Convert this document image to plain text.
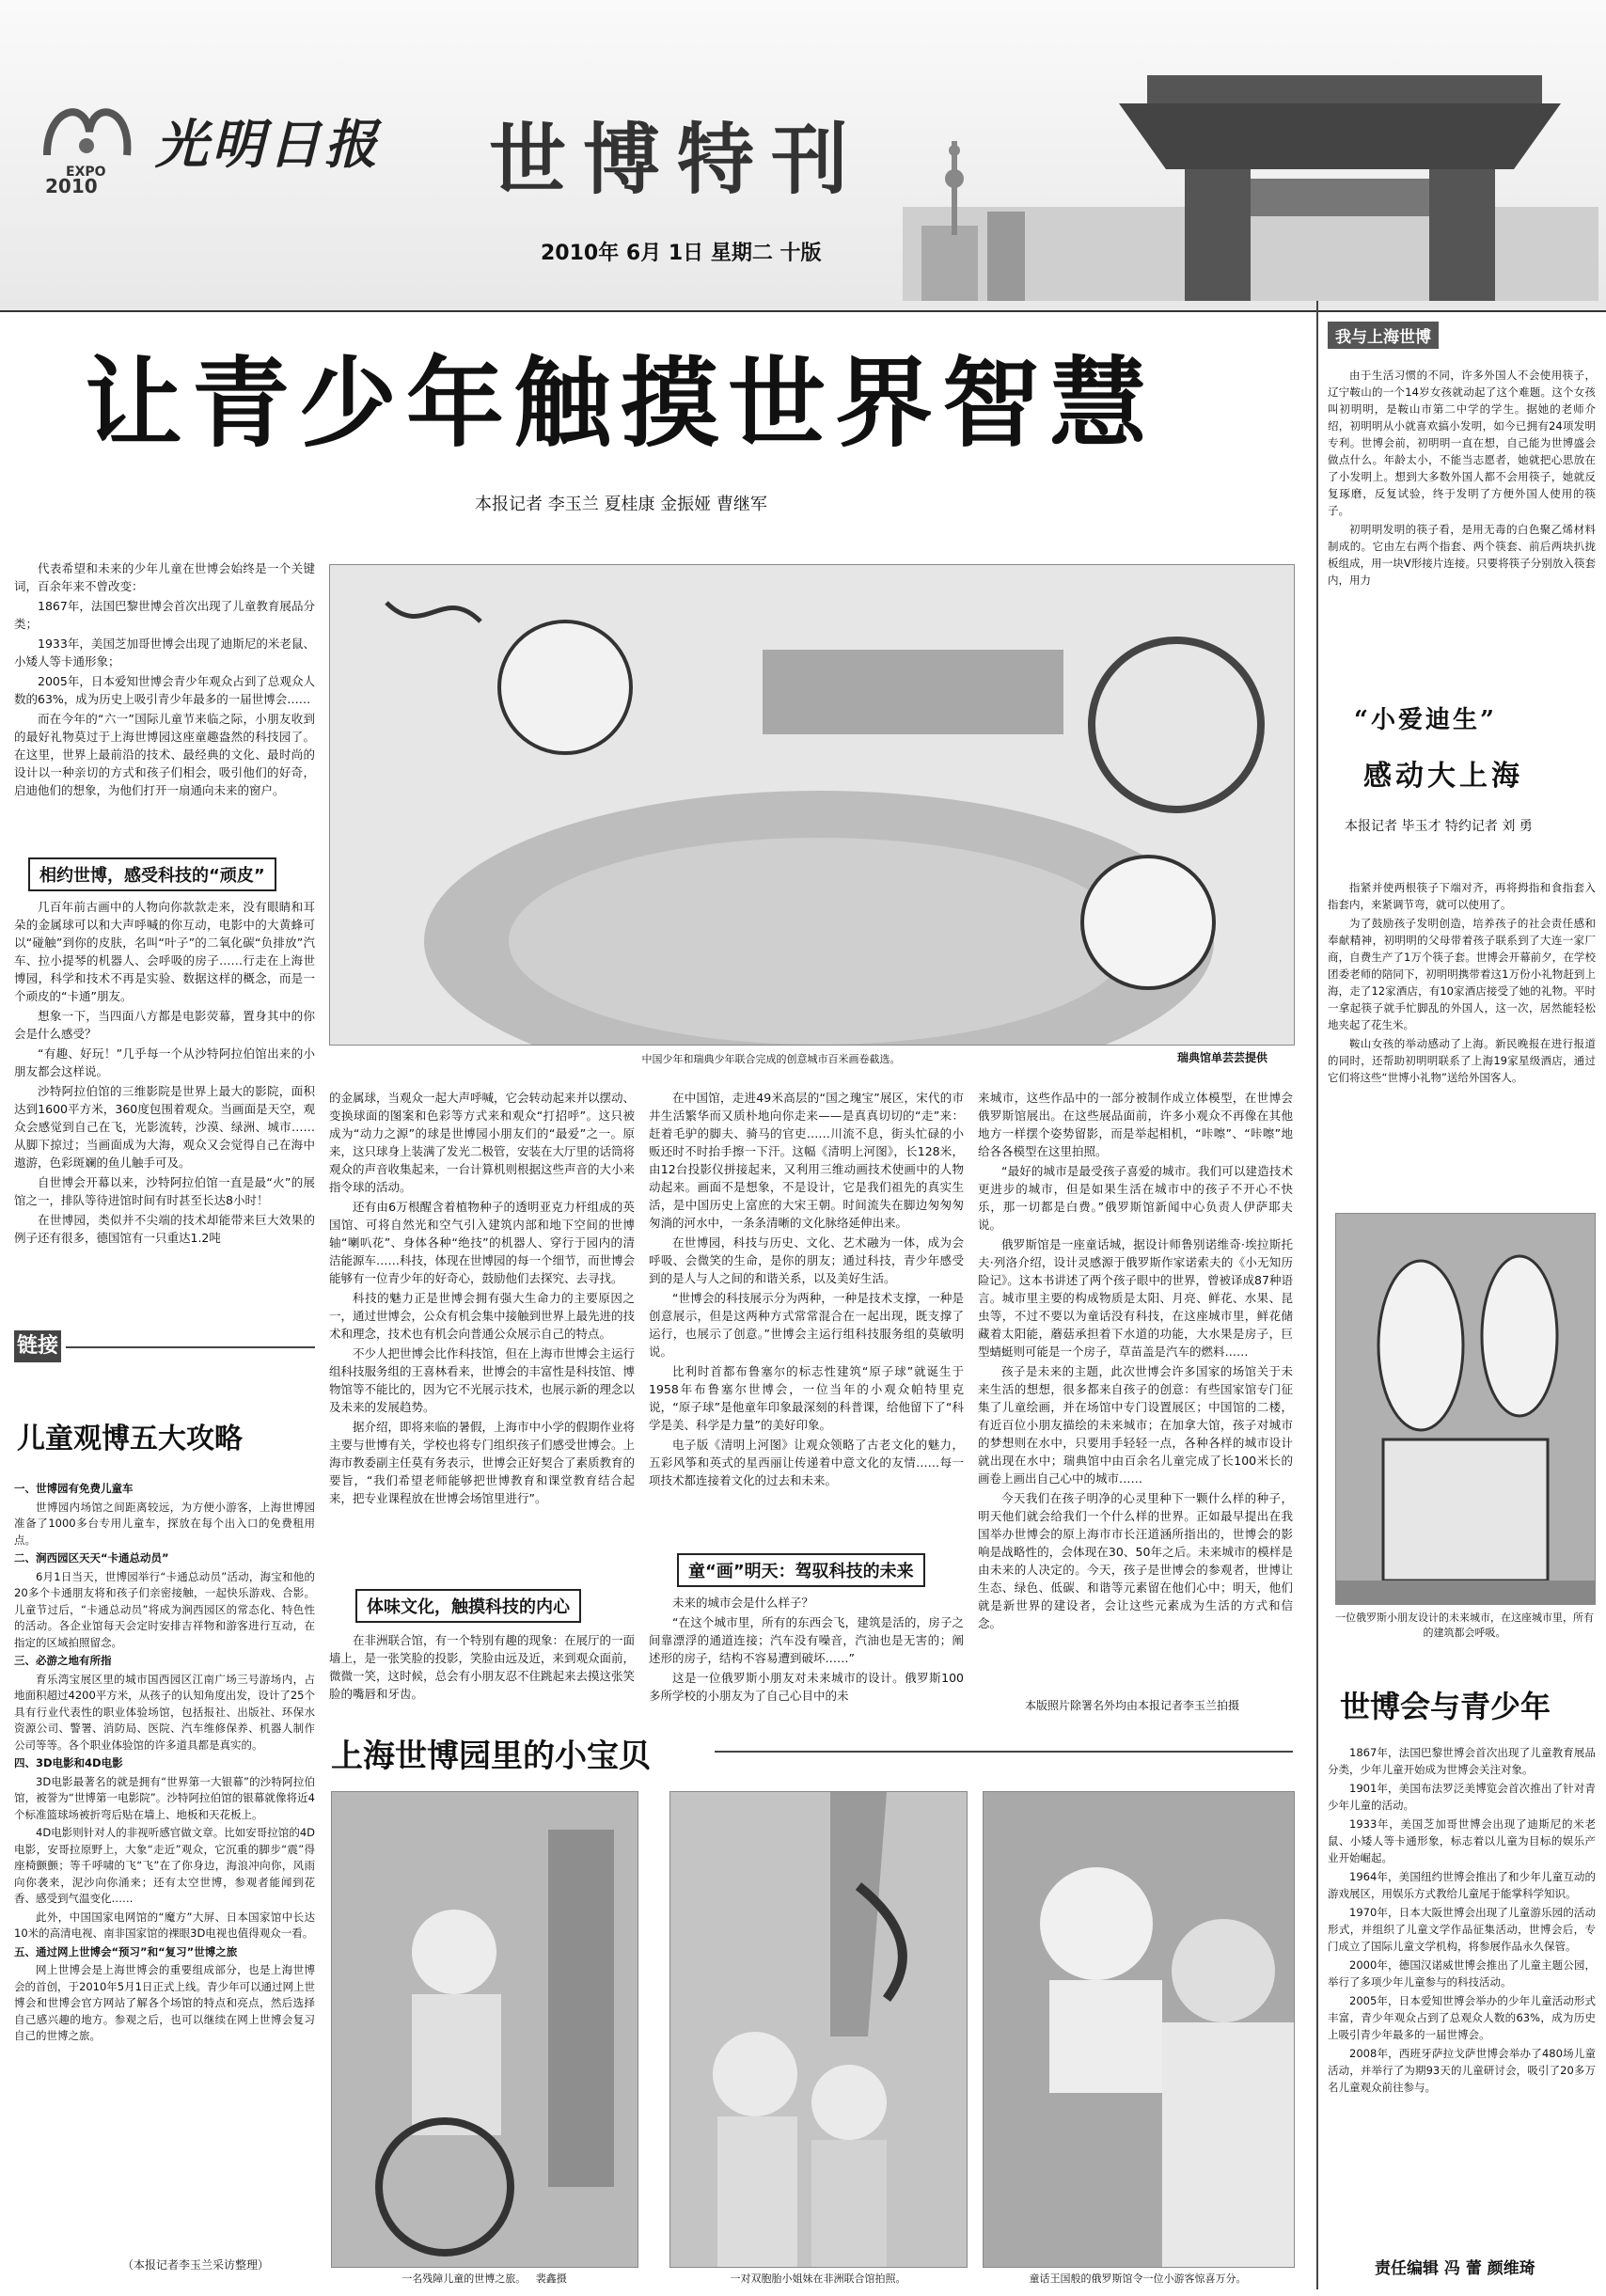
EXPO
2010
光明日报 世博特刊
2010年 6月 1日 星期二 十版
让青少年触摸世界智慧
本报记者 李玉兰 夏桂康 金振娅 曹继军
中国少年和瑞典少年联合完成的创意城市百米画卷截选。	瑞典馆单芸芸提供

代表希望和未来的少年儿童在世博会始终是一个关键词，百余年来不曾改变：

1867年，法国巴黎世博会首次出现了儿童教育展品分类；

1933年，美国芝加哥世博会出现了迪斯尼的米老鼠、小矮人等卡通形象；

2005年，日本爱知世博会青少年观众占到了总观众人数的63%，成为历史上吸引青少年最多的一届世博会……

而在今年的“六一”国际儿童节来临之际，小朋友收到的最好礼物莫过于上海世博园这座童趣盎然的科技园了。在这里，世界上最前沿的技术、最经典的文化、最时尚的设计以一种亲切的方式和孩子们相会，吸引他们的好奇，启迪他们的想象，为他们打开一扇通向未来的窗户。

相约世博，感受科技的“顽皮”

几百年前古画中的人物向你款款走来，没有眼睛和耳朵的金属球可以和大声呼喊的你互动，电影中的大黄蜂可以“碰触”到你的皮肤，名叫“叶子”的二氧化碳“负排放”汽车、拉小提琴的机器人、会呼吸的房子……行走在上海世博园，科学和技术不再是实验、数据这样的概念，而是一个顽皮的“卡通”朋友。

想象一下，当四面八方都是电影荧幕，置身其中的你会是什么感受？

“有趣、好玩！”几乎每一个从沙特阿拉伯馆出来的小朋友都会这样说。

沙特阿拉伯馆的三维影院是世界上最大的影院，面积达到1600平方米，360度包围着观众。当画面是天空，观众会感觉到自己在飞，光影流转，沙漠、绿洲、城市……从脚下掠过；当画面成为大海，观众又会觉得自己在海中遨游，色彩斑斓的鱼儿触手可及。

自世博会开幕以来，沙特阿拉伯馆一直是最“火”的展馆之一，排队等待进馆时间有时甚至长达8小时！

在世博园，类似并不尖端的技术却能带来巨大效果的例子还有很多，德国馆有一只重达1.2吨

链接
儿童观博五大攻略

一、世博园有免费儿童车

世博园内场馆之间距离较远，为方便小游客，上海世博园准备了1000多台专用儿童车，探放在每个出入口的免费租用点。

二、涧西园区天天“卡通总动员”

6月1日当天，世博园举行“卡通总动员”活动，海宝和他的20多个卡通朋友将和孩子们亲密接触，一起快乐游戏、合影。儿童节过后，“卡通总动员”将成为涧西园区的常态化、特色性的活动。各企业馆每天会定时安排吉祥物和游客进行互动，在指定的区域拍照留念。

三、必游之地有所指

育乐湾宝展区里的城市国西园区江南广场三号游场内，占地面积超过4200平方米，从孩子的认知角度出发，设计了25个具有行业代表性的职业体验场馆，包括报社、出版社、环保水资源公司、警署、消防局、医院、汽车维修保养、机器人制作公司等等。各个职业体验馆的许多道具都是真实的。

四、3D电影和4D电影

3D电影最著名的就是拥有“世界第一大银幕”的沙特阿拉伯馆，被誉为“世博第一电影院”。沙特阿拉伯馆的银幕就像将近4个标准篮球场被折弯后贴在墙上、地板和天花板上。

4D电影则针对人的非视听感官做文章。比如安哥拉馆的4D电影，安哥拉原野上，大象“走近”观众，它沉重的脚步“震”得座椅颤颤；等千呼啸的飞“飞”在了你身边，海浪冲向你，风雨向你袭来，泥沙向你涌来；还有太空世博，参观者能闻到花香、感受到气温变化……

此外，中国国家电网馆的“魔方”大屏、日本国家馆中长达10米的高清电视、南非国家馆的裸眼3D电视也值得观众一看。

五、通过网上世博会“预习”和“复习”世博之旅

网上世博会是上海世博会的重要组成部分，也是上海世博会的首创，于2010年5月1日正式上线。青少年可以通过网上世博会和世博会官方网站了解各个场馆的特点和亮点，然后选择自己感兴趣的地方。参观之后，也可以继续在网上世博会复习自己的世博之旅。

（本报记者李玉兰采访整理）

的金属球，当观众一起大声呼喊，它会转动起来并以摆动、变换球面的图案和色彩等方式来和观众“打招呼”。这只被成为“动力之源”的球是世博园小朋友们的“最爱”之一。原来，这只球身上装满了发光二极管，安装在大厅里的话筒将观众的声音收集起来，一台计算机则根据这些声音的大小来指令球的活动。

还有由6万根醒含着植物种子的透明亚克力杆组成的英国馆、可将自然光和空气引入建筑内部和地下空间的世博轴“喇叭花”、身体各种“绝技”的机器人、穿行于园内的清洁能源车……科技，体现在世博园的每一个细节，而世博会能够有一位青少年的好奇心，鼓励他们去探究、去寻找。

科技的魅力正是世博会拥有强大生命力的主要原因之一，通过世博会，公众有机会集中接触到世界上最先进的技术和理念，技术也有机会向普通公众展示自己的特点。

不少人把世博会比作科技馆，但在上海市世博会主运行组科技服务组的王喜林看来，世博会的丰富性是科技馆、博物馆等不能比的，因为它不光展示技术，也展示新的理念以及未来的发展趋势。

据介绍，即将来临的暑假，上海市中小学的假期作业将主要与世博有关，学校也将专门组织孩子们感受世博会。上海市教委副主任莫有务表示，世博会正好契合了素质教育的要旨，“我们希望老师能够把世博教育和课堂教育结合起来，把专业课程放在世博会场馆里进行”。

体味文化，触摸科技的内心

在非洲联合馆，有一个特别有趣的现象：在展厅的一面墙上，是一张笑脸的投影，笑脸由远及近，来到观众面前，微微一笑，这时候，总会有小朋友忍不住跳起来去摸这张笑脸的嘴唇和牙齿。

在中国馆，走进49米高层的“国之瑰宝”展区，宋代的市井生活繁华而又质朴地向你走来——是真真切切的“走”来：赶着毛驴的脚夫、骑马的官吏……川流不息，街头忙碌的小贩还时不时抬手擦一下汗。这幅《清明上河图》，长128米，由12台投影仪拼接起来，又利用三维动画技术使画中的人物动起来。画面不是想象，不是设计，它是我们祖先的真实生活，是中国历史上富庶的大宋王朝。时间流失在脚边匆匆匆匆淌的河水中，一条条清晰的文化脉络延伸出来。

在世博园，科技与历史、文化、艺术融为一体，成为会呼吸、会微笑的生命，是你的朋友；通过科技，青少年感受到的是人与人之间的和谐关系，以及美好生活。

“世博会的科技展示分为两种，一种是技术支撑，一种是创意展示，但是这两种方式常常混合在一起出现，既支撑了运行，也展示了创意。”世博会主运行组科技服务组的莫敏明说。

比利时首都布鲁塞尔的标志性建筑“原子球”就诞生于1958年布鲁塞尔世博会，一位当年的小观众帕特里克说，“原子球”是他童年印象最深刻的科普课，给他留下了“科学是美、科学是力量”的美好印象。

电子版《清明上河图》让观众领略了古老文化的魅力，五彩风筝和英式的星西丽让传递着中意文化的友情……每一项技术都连接着文化的过去和未来。

童“画”明天：驾驭科技的未来

未来的城市会是什么样子？

“在这个城市里，所有的东西会飞，建筑是活的，房子之间靠漂浮的通道连接；汽车没有噪音，汽油也是无害的；阐述形的房子，结构不容易遭到破坏……”

这是一位俄罗斯小朋友对未来城市的设计。俄罗斯100多所学校的小朋友为了自己心目中的未

来城市，这些作品中的一部分被制作成立体模型，在世博会俄罗斯馆展出。在这些展品面前，许多小观众不再像在其他地方一样摆个姿势留影，而是举起相机，“咔嚓”、“咔嚓”地给各各模型在这里拍照。

“最好的城市是最受孩子喜爱的城市。我们可以建造技术更进步的城市，但是如果生活在城市中的孩子不开心不快乐，那一切都是白费。”俄罗斯馆新闻中心负责人伊萨耶夫说。

俄罗斯馆是一座童话城，据设计师鲁别诺维奇·埃拉斯托夫·列洛介绍，设计灵感源于俄罗斯作家诺索夫的《小无知历险记》。这本书讲述了两个孩子眼中的世界，曾被译成87种语言。城市里主要的构成物质是太阳、月亮、鲜花、水果、昆虫等，不过不要以为童话没有科技，在这座城市里，鲜花储藏着太阳能，蘑菇承担着下水道的功能，大水果是房子，巨型蜻蜓则可能是一个房子，草苗盖是汽车的燃料……

孩子是未来的主题，此次世博会许多国家的场馆关于未来生活的想想，很多都来自孩子的创意：有些国家馆专门征集了儿童绘画，并在场馆中专门设置展区；中国馆的二楼，有近百位小朋友描绘的未来城市；在加拿大馆，孩子对城市的梦想则在水中，只要用手轻轻一点，各种各样的城市设计就出现在水中；瑞典馆中由百余名儿童完成了长100米长的画卷上画出自己心中的城市……

今天我们在孩子明净的心灵里种下一颗什么样的种子，明天他们就会给我们一个什么样的世界。正如最早提出在我国举办世博会的原上海市市长汪道涵所指出的，世博会的影响是战略性的，会体现在30、50年之后。未来城市的模样是由未来的人决定的。今天，孩子是世博会的参观者，世博让生态、绿色、低碳、和谐等元素留在他们心中；明天，他们就是新世界的建设者，会让这些元素成为生活的方式和信念。

本版照片除署名外均由本报记者李玉兰拍摄
上海世博园里的小宝贝
一名残障儿童的世博之旅。 裴鑫摄	一对双胞胎小姐妹在非洲联合馆拍照。	童话王国般的俄罗斯馆令一位小游客惊喜万分。
我与上海世博

由于生活习惯的不同，许多外国人不会使用筷子，辽宁鞍山的一个14岁女孩就动起了这个难题。这个女孩叫初明明，是鞍山市第二中学的学生。据她的老师介绍，初明明从小就喜欢搞小发明，如今已拥有24项发明专利。世博会前，初明明一直在想，自己能为世博盛会做点什么。年龄太小，不能当志愿者，她就把心思放在了小发明上。想到大多数外国人都不会用筷子，她就反复琢磨，反复试验，终于发明了方便外国人使用的筷子。

初明明发明的筷子看，是用无毒的白色聚乙烯材料制成的。它由左右两个指套、两个筷套、前后两块扒拢板组成，用一块V形接片连接。只要将筷子分别放入筷套内，用力

“小爱迪生”
感动大上海
本报记者 毕玉才 特约记者 刘 勇

指紧并使两根筷子下端对齐，再将拇指和食指套入指套内，来紧调节弯，就可以使用了。

为了鼓励孩子发明创造，培养孩子的社会责任感和奉献精神，初明明的父母带着孩子联系到了大连一家厂商，自费生产了1万个筷子套。世博会开幕前夕，在学校团委老师的陪同下，初明明携带着这1万份小礼物赶到上海，走了12家酒店，有10家酒店接受了她的礼物。平时一拿起筷子就手忙脚乱的外国人，这一次，居然能轻松地夹起了花生米。

鞍山女孩的举动感动了上海。新民晚报在进行报道的同时，还帮助初明明联系了上海19家星级酒店，通过它们将这些“世博小礼物”送给外国客人。

一位俄罗斯小朋友设计的未来城市，在这座城市里，所有的建筑都会呼吸。
世博会与青少年

1867年，法国巴黎世博会首次出现了儿童教育展品分类，少年儿童开始成为世博会关注对象。

1901年，美国布法罗泛美博览会首次推出了针对青少年儿童的活动。

1933年，美国芝加哥世博会出现了迪斯尼的米老鼠、小矮人等卡通形象，标志着以儿童为目标的娱乐产业开始崛起。

1964年，美国纽约世博会推出了和少年儿童互动的游戏展区，用娱乐方式教给儿童尾于能掌科学知识。

1970年，日本大阪世博会出现了儿童游乐园的活动形式，并组织了儿童文学作品征集活动，世博会后，专门成立了国际儿童文学机构，将参展作品永久保管。

2000年，德国汉诺威世博会推出了儿童主题公园，举行了多项少年儿童参与的科技活动。

2005年，日本爱知世博会举办的少年儿童活动形式丰富，青少年观众占到了总观众人数的63%，成为历史上吸引青少年最多的一届世博会。

2008年，西班牙萨拉戈萨世博会举办了480场儿童活动，并举行了为期93天的儿童研讨会，吸引了20多万名儿童观众前往参与。

责任编辑 冯 蕾 颜维琦
